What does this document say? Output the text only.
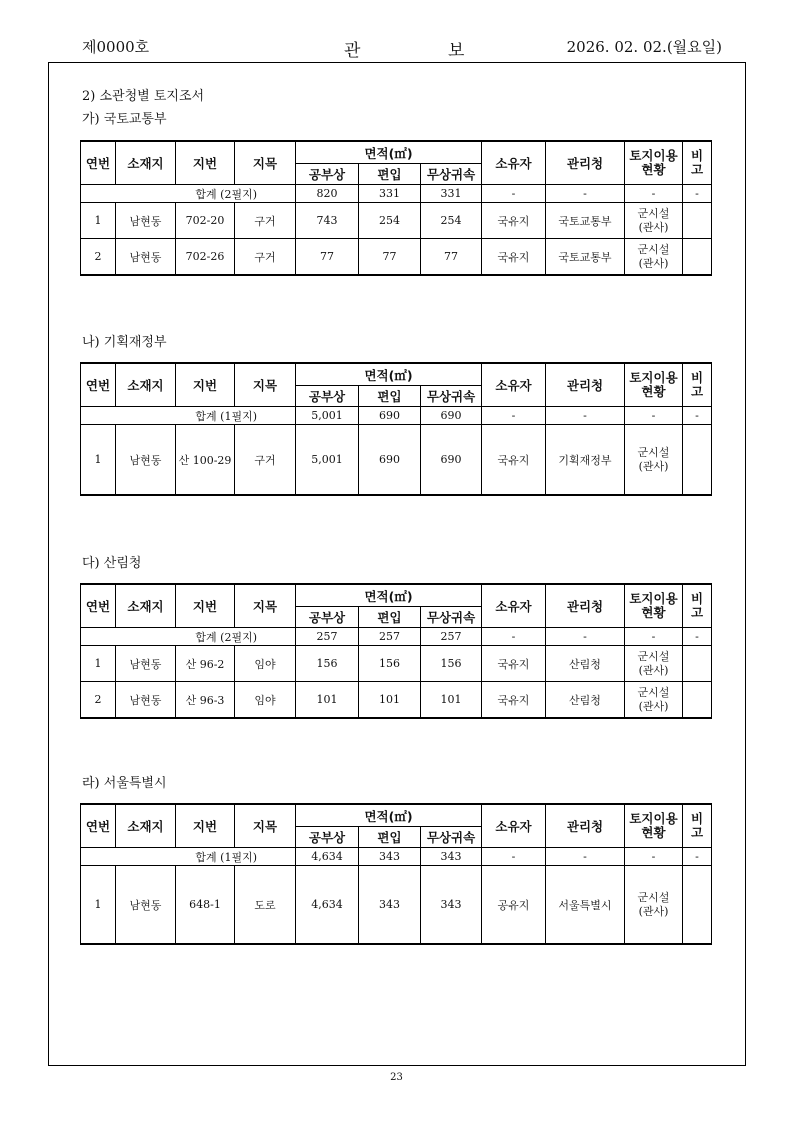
제0000호	관	보	2026. 02. 02.(월요일)
2) 소관청별 토지조서
가) 국토교통부
연번	소재지	지번	지목	면적(㎡)			소유자	관리청	토지이용
현황	비
고

				공부상	편입	무상귀속				
합계 (2필지)				820	331	331	-	-	-	-
1	남현동	702-20	구거	743	254	254	국유지	국토교통부	군시설
(관사)	

2	남현동	702-26	구거	77	77	77	국유지	국토교통부	군시설
(관사)	

나) 기획재정부
연번	소재지	지번	지목	면적(㎡)			소유자	관리청	토지이용
현황	비
고

				공부상	편입	무상귀속				
합계 (1필지)				5,001	690	690	-	-	-	-
1	남현동	산 100-29	구거	5,001	690	690	국유지	기획재정부	군시설
(관사)	

다) 산림청
연번	소재지	지번	지목	면적(㎡)			소유자	관리청	토지이용
현황	비
고

				공부상	편입	무상귀속				
합계 (2필지)				257	257	257	-	-	-	-
1	남현동	산 96-2	임야	156	156	156	국유지	산림청	군시설
(관사)	

2	남현동	산 96-3	임야	101	101	101	국유지	산림청	군시설
(관사)	

라) 서울특별시
연번	소재지	지번	지목	면적(㎡)			소유자	관리청	토지이용
현황	비
고

				공부상	편입	무상귀속				
합계 (1필지)				4,634	343	343	-	-	-	-
1	남현동	648-1	도로	4,634	343	343	공유지	서울특별시	군시설
(관사)	

23
